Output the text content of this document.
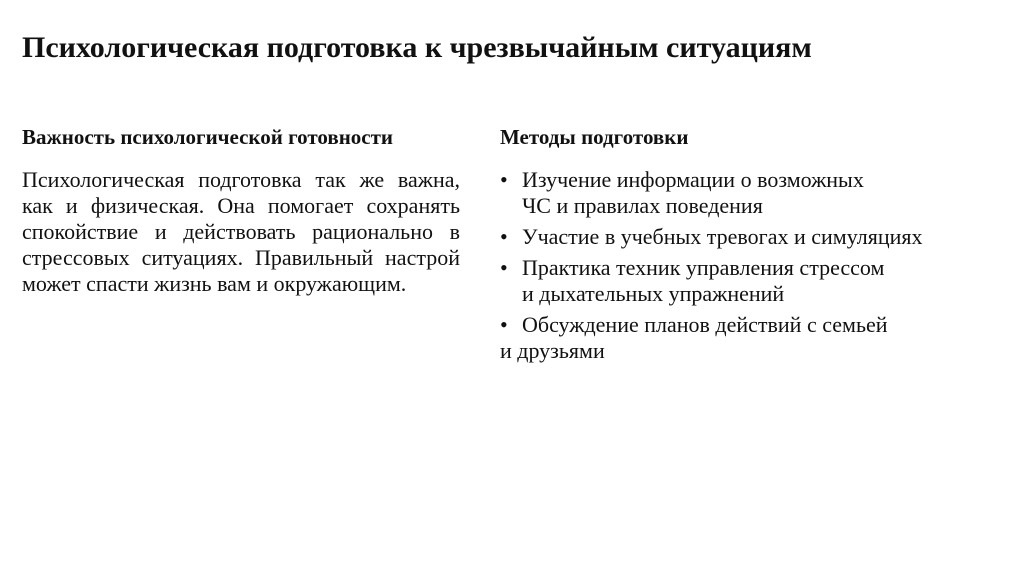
Психологическая подготовка к чрезвычайным ситуациям
Важность психологической готовности

Психологическая подготовка так же важна, как и физическая. Она помогает сохранять спокойствие и действовать рационально в стрессовых ситуациях. Правильный настрой может спасти жизнь вам и окружающим.

Методы подготовки
• Изучение информации о возможных
ЧС и правилах поведения
• Участие в учебных тревогах и симуляциях
• Практика техник управления стрессом
и дыхательных упражнений
• Обсуждение планов действий с семьей
и друзьями
